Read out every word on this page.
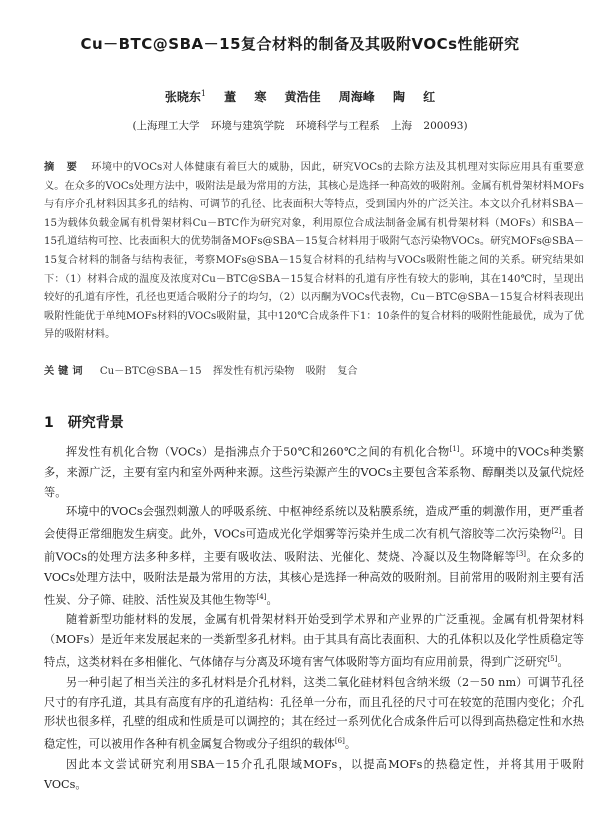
Cu－BTC@SBA－15复合材料的制备及其吸附VOCs性能研究
张晓东$^1$ 董 寒 黄浩佳 周海峰 陶 红
(上海理工大学 环境与建筑学院 环境科学与工程系 上海 200093)
摘 要 环境中的VOCs对人体健康有着巨大的威胁，因此，研究VOCs的去除方法及其机理对实际应用具有重要意义。在众多的VOCs处理方法中，吸附法是最为常用的方法，其核心是选择一种高效的吸附剂。金属有机骨架材料MOFs与有序介孔材料因其多孔的结构、可调节的孔径、比表面积大等特点，受到国内外的广泛关注。本文以介孔材料SBA－15为载体负载金属有机骨架材料Cu－BTC作为研究对象，利用原位合成法制备金属有机骨架材料（MOFs）和SBA－15孔道结构可控、比表面积大的优势制备MOFs@SBA－15复合材料用于吸附气态污染物VOCs。研究MOFs@SBA－15复合材料的制备与结构表征，考察MOFs@SBA－15复合材料的孔结构与VOCs吸附性能之间的关系。研究结果如下：（1）材料合成的温度及浓度对Cu－BTC@SBA－15复合材料的孔道有序性有较大的影响，其在140℃时，呈现出较好的孔道有序性，孔径也更适合吸附分子的均匀，（2）以丙酮为VOCs代表物，Cu－BTC@SBA－15复合材料表现出吸附性能优于单纯MOFs材料的VOCs吸附量，其中120℃合成条件下1：10条件的复合材料的吸附性能最优，成为了优异的吸附材料。
关键词 Cu－BTC@SBA－15 挥发性有机污染物 吸附 复合
1 研究背景

挥发性有机化合物（VOCs）是指沸点介于50℃和260℃之间的有机化合物[1]。环境中的VOCs种类繁多，来源广泛，主要有室内和室外两种来源。这些污染源产生的VOCs主要包含苯系物、醇酮类以及氯代烷烃等。

环境中的VOCs会强烈刺激人的呼吸系统、中枢神经系统以及粘膜系统，造成严重的刺激作用，更严重者会使得正常细胞发生病变。此外，VOCs可造成光化学烟雾等污染并生成二次有机气溶胶等二次污染物[2]。目前VOCs的处理方法多种多样，主要有吸收法、吸附法、光催化、焚烧、冷凝以及生物降解等[3]。在众多的VOCs处理方法中，吸附法是最为常用的方法，其核心是选择一种高效的吸附剂。目前常用的吸附剂主要有活性炭、分子筛、硅胶、活性炭及其他生物等[4]。

随着新型功能材料的发展，金属有机骨架材料开始受到学术界和产业界的广泛重视。金属有机骨架材料（MOFs）是近年来发展起来的一类新型多孔材料。由于其具有高比表面积、大的孔体积以及化学性质稳定等特点，这类材料在多相催化、气体储存与分离及环境有害气体吸附等方面均有应用前景，得到广泛研究[5]。

另一种引起了相当关注的多孔材料是介孔材料，这类二氧化硅材料包含纳米级（2－50 nm）可调节孔径尺寸的有序孔道，其具有高度有序的孔道结构：孔径单一分布，而且孔径的尺寸可在较宽的范围内变化；介孔形状也很多样，孔壁的组成和性质是可以调控的；其在经过一系列优化合成条件后可以得到高热稳定性和水热稳定性，可以被用作各种有机金属复合物或分子组织的载体[6]。

因此本文尝试研究利用SBA－15介孔孔限域MOFs，以提高MOFs的热稳定性，并将其用于吸附VOCs。
